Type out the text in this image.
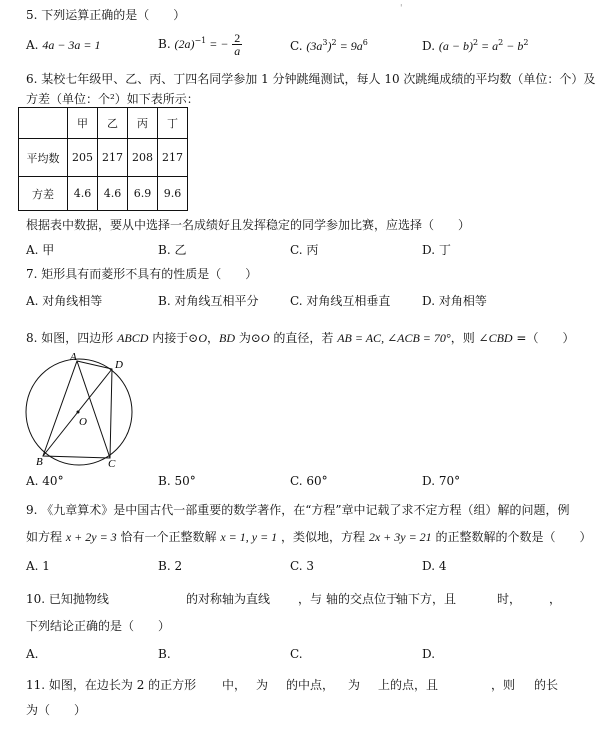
5. 下列运算正确的是（　　）
A. 4a − 3a = 1	B. $(2a)^{-1}$ = − $\frac{2}{a}$	C. $(3a^3)^2 = 9a^6$	D. $(a - b)^2 = a^2 - b^2$
'
6. 某校七年级甲、乙、丙、丁四名同学参加 1 分钟跳绳测试，每人 10 次跳绳成绩的平均数（单位：个）及
方差（单位：个²）如下表所示：
	甲	乙	丙	丁
平均数	205	217	208	217
方差	4.6	4.6	6.9	9.6
根据表中数据，要从中选择一名成绩好且发挥稳定的同学参加比赛，应选择（　　）
A. 甲	B. 乙	C. 丙	D. 丁
7. 矩形具有而菱形不具有的性质是（　　）
A. 对角线相等	B. 对角线互相平分	C. 对角线互相垂直	D. 对角相等
8. 如图，四边形 ABCD 内接于⊙O，BD 为⊙O 的直径，若 AB = AC, ∠ACB = 70°，则 ∠CBD =（　　）
A
D
O
B	C
A. 40°	B. 50°	C. 60°	D. 70°
9. 《九章算术》是中国古代一部重要的数学著作，在“方程”章中记载了求不定方程（组）解的问题，例
如方程 x + 2y = 3 恰有一个正整数解 x = 1, y = 1 ，类似地，方程 2x + 3y = 21 的正整数解的个数是（　　）
A. 1	B. 2	C. 3	D. 4
10. 已知抛物线	的对称轴为直线 ，与 轴的交点位于
轴下方，且	时， ，
下列结论正确的是（　　）
A.	B.	C.	D.
11. 如图，在边长为 2 的正方形 中， 为 的中点， 为 上的点，且	，则 的长
为（　　）
